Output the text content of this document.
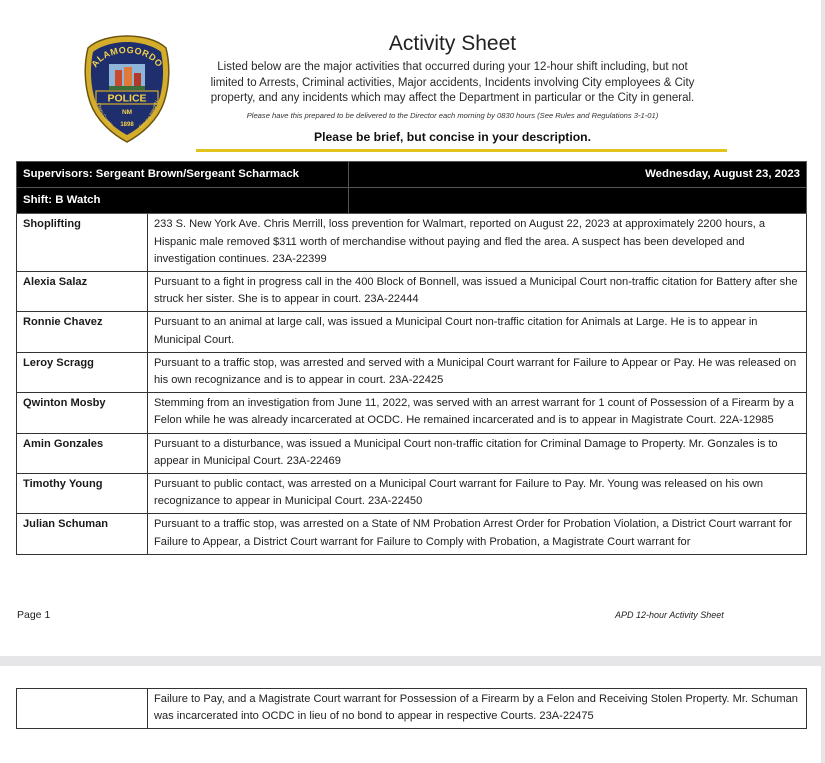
ALAMOGORDO
POLICE
NM
1898
Otero County	Serving Integrity
Activity Sheet
Listed below are the major activities that occurred during your 12-hour shift including, but not limited to Arrests, Criminal activities, Major accidents, Incidents involving City employees & City property, and any incidents which may affect the Department in particular or the City in general.
Please have this prepared to be delivered to the Director each morning by 0830 hours (See Rules and Regulations 3-1-01)
Please be brief, but concise in your description.
Supervisors: Sergeant Brown/Sergeant Scharmack		Wednesday, August 23, 2023
Shift: B Watch		
Shoplifting	233 S. New York Ave. Chris Merrill, loss prevention for Walmart, reported on August 22, 2023 at approximately 2200 hours, a Hispanic male removed $311 worth of merchandise without paying and fled the area. A suspect has been developed and investigation continues. 23A-22399	
Alexia Salaz	Pursuant to a fight in progress call in the 400 Block of Bonnell, was issued a Municipal Court non-traffic citation for Battery after she struck her sister. She is to appear in court. 23A-22444	
Ronnie Chavez	Pursuant to an animal at large call, was issued a Municipal Court non-traffic citation for Animals at Large. He is to appear in Municipal Court.	
Leroy Scragg	Pursuant to a traffic stop, was arrested and served with a Municipal Court warrant for Failure to Appear or Pay. He was released on his own recognizance and is to appear in court. 23A-22425	
Qwinton Mosby	Stemming from an investigation from June 11, 2022, was served with an arrest warrant for 1 count of Possession of a Firearm by a Felon while he was already incarcerated at OCDC. He remained incarcerated and is to appear in Magistrate Court. 22A-12985	
Amin Gonzales	Pursuant to a disturbance, was issued a Municipal Court non-traffic citation for Criminal Damage to Property. Mr. Gonzales is to appear in Municipal Court. 23A-22469	
Timothy Young	Pursuant to public contact, was arrested on a Municipal Court warrant for Failure to Pay. Mr. Young was released on his own recognizance to appear in Municipal Court. 23A-22450	
Julian Schuman	Pursuant to a traffic stop, was arrested on a State of NM Probation Arrest Order for Probation Violation, a District Court warrant for Failure to Appear, a District Court warrant for Failure to Comply with Probation, a Magistrate Court warrant for	
Page 1	APD 12-hour Activity Sheet
	Failure to Pay, and a Magistrate Court warrant for Possession of a Firearm by a Felon and Receiving Stolen Property. Mr. Schuman was incarcerated into OCDC in lieu of no bond to appear in respective Courts. 23A-22475
